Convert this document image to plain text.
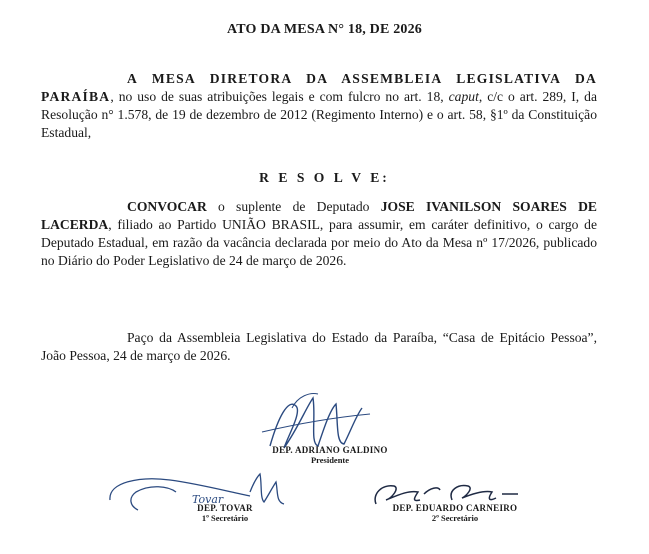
ATO DA MESA N° 18, DE 2026
A MESA DIRETORA DA ASSEMBLEIA LEGISLATIVA DA PARAÍBA, no uso de suas atribuições legais e com fulcro no art. 18, caput, c/c o art. 289, I, da Resolução n° 1.578, de 19 de dezembro de 2012 (Regimento Interno) e o art. 58, §1º da Constituição Estadual,
R E S O L V E:
CONVOCAR o suplente de Deputado JOSE IVANILSON SOARES DE LACERDA, filiado ao Partido UNIÃO BRASIL, para assumir, em caráter definitivo, o cargo de Deputado Estadual, em razão da vacância declarada por meio do Ato da Mesa nº 17/2026, publicado no Diário do Poder Legislativo de 24 de março de 2026.
Paço da Assembleia Legislativa do Estado da Paraíba, “Casa de Epitácio Pessoa”, João Pessoa, 24 de março de 2026.
DEP. ADRIANO GALDINO
Presidente
Tovar
DEP. TOVAR
1º Secretário
DEP. EDUARDO CARNEIRO
2º Secretário
